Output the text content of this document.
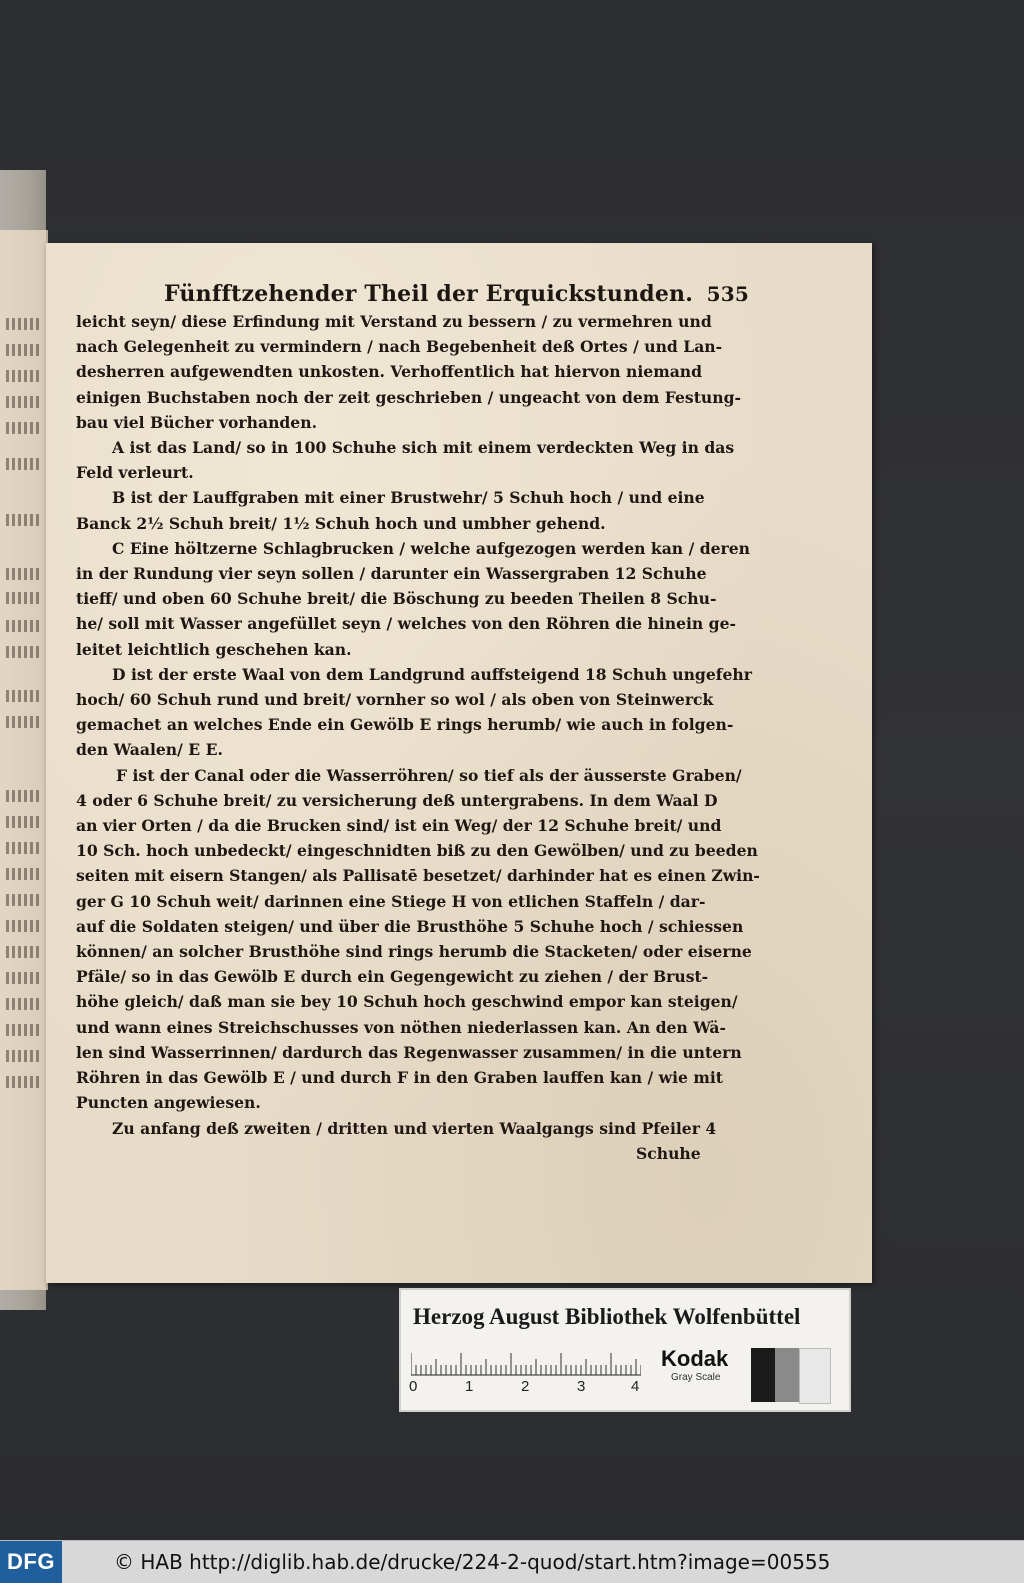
Fünfftzehender Theil der Erquickstunden. 535
leicht seyn/ diese Erfindung mit Verstand zu bessern / zu vermehren und
nach Gelegenheit zu vermindern / nach Begebenheit deß Ortes / und Lan-
desherren aufgewendten unkosten. Verhoffentlich hat hiervon niemand
einigen Buchstaben noch der zeit geschrieben / ungeacht von dem Festung-
bau viel Bücher vorhanden.
A ist das Land/ so in 100 Schuhe sich mit einem verdeckten Weg in das
Feld verleurt.
B ist der Lauffgraben mit einer Brustwehr/ 5 Schuh hoch / und eine
Banck 2½ Schuh breit/ 1½ Schuh hoch und umbher gehend.
C Eine höltzerne Schlagbrucken / welche aufgezogen werden kan / deren
in der Rundung vier seyn sollen / darunter ein Wassergraben 12 Schuhe
tieff/ und oben 60 Schuhe breit/ die Böschung zu beeden Theilen 8 Schu-
he/ soll mit Wasser angefüllet seyn / welches von den Röhren die hinein ge-
leitet leichtlich geschehen kan.
D ist der erste Waal von dem Landgrund auffsteigend 18 Schuh ungefehr
hoch/ 60 Schuh rund und breit/ vornher so wol / als oben von Steinwerck
gemachet an welches Ende ein Gewölb E rings herumb/ wie auch in folgen-
den Waalen/ E E.
F ist der Canal oder die Wasserröhren/ so tief als der äusserste Graben/
4 oder 6 Schuhe breit/ zu versicherung deß untergrabens. In dem Waal D
an vier Orten / da die Brucken sind/ ist ein Weg/ der 12 Schuhe breit/ und
10 Sch. hoch unbedeckt/ eingeschnidten biß zu den Gewölben/ und zu beeden
seiten mit eisern Stangen/ als Pallisatē besetzet/ darhinder hat es einen Zwin-
ger G 10 Schuh weit/ darinnen eine Stiege H von etlichen Staffeln / dar-
auf die Soldaten steigen/ und über die Brusthöhe 5 Schuhe hoch / schiessen
können/ an solcher Brusthöhe sind rings herumb die Stacketen/ oder eiserne
Pfäle/ so in das Gewölb E durch ein Gegengewicht zu ziehen / der Brust-
höhe gleich/ daß man sie bey 10 Schuh hoch geschwind empor kan steigen/
und wann eines Streichschusses von nöthen niederlassen kan. An den Wä-
len sind Wasserrinnen/ dardurch das Regenwasser zusammen/ in die untern
Röhren in das Gewölb E / und durch F in den Graben lauffen kan / wie mit
Puncten angewiesen.
Zu anfang deß zweiten / dritten und vierten Waalgangs sind Pfeiler 4
Schuhe
Herzog August Bibliothek Wolfenbüttel
0	1	2	3	4
Kodak
Gray Scale
DFG	© HAB http://diglib.hab.de/drucke/224-2-quod/start.htm?image=00555
